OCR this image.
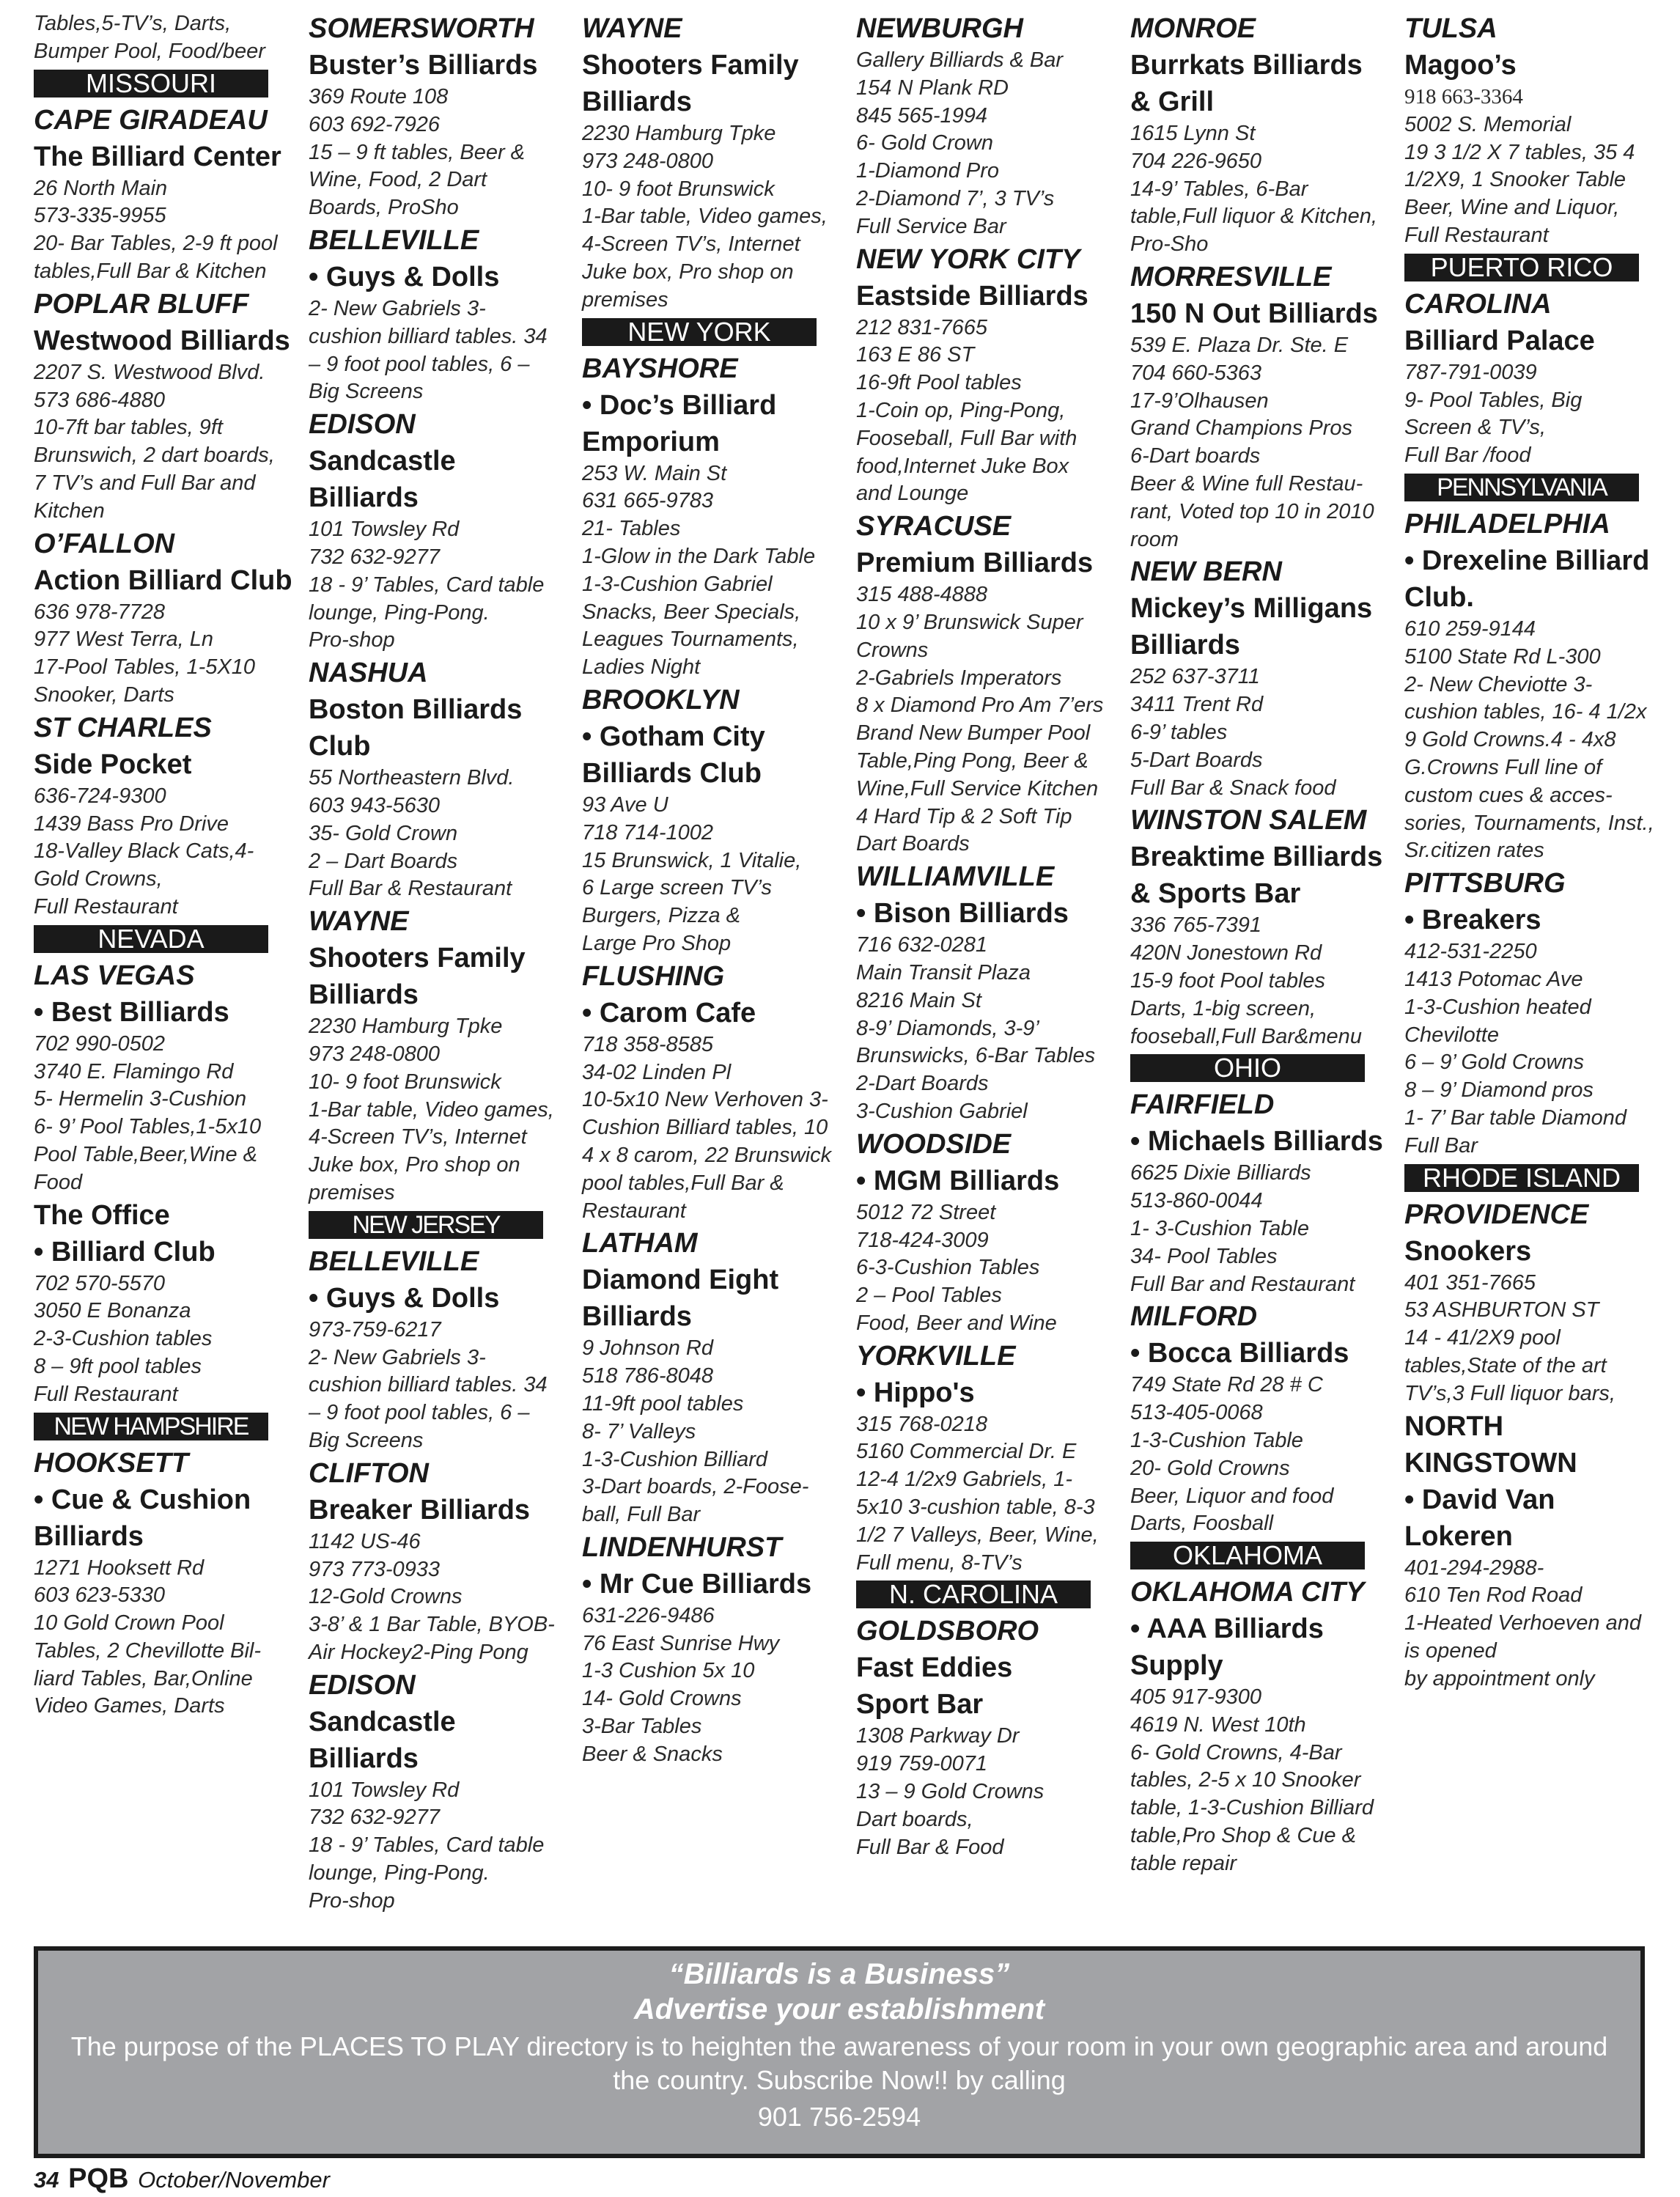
Tables,5-TV’s, Darts,
Bumper Pool, Food/beer
MISSOURI
CAPE GIRADEAU
The Billiard Center
26 North Main
573-335-9955
20- Bar Tables, 2-9 ft pool
tables,Full Bar & Kitchen
POPLAR BLUFF
Westwood Billiards
2207 S. Westwood Blvd.
573 686-4880
10-7ft bar tables, 9ft
Brunswich, 2 dart boards,
7 TV’s and Full Bar and
Kitchen
O’FALLON
Action Billiard Club
636 978-7728
977 West Terra, Ln
17-Pool Tables, 1-5X10
Snooker, Darts
ST CHARLES
Side Pocket
636-724-9300
1439 Bass Pro Drive
18-Valley Black Cats,4-
Gold Crowns,
Full Restaurant
NEVADA
LAS VEGAS
• Best Billiards
702 990-0502
3740 E. Flamingo Rd
5- Hermelin 3-Cushion
6- 9’ Pool Tables,1-5x10
Pool Table,Beer,Wine &
Food
The Office
• Billiard Club
702 570-5570
3050 E Bonanza
2-3-Cushion tables
8 – 9ft pool tables
Full Restaurant
NEW HAMPSHIRE
HOOKSETT
• Cue & Cushion
Billiards
1271 Hooksett Rd
603 623-5330
10 Gold Crown Pool
Tables, 2 Chevillotte Bil-
liard Tables, Bar,Online
Video Games, Darts
SOMERSWORTH
Buster’s Billiards
369 Route 108
603 692-7926
15 – 9 ft tables, Beer &
Wine, Food, 2 Dart
Boards, ProSho
BELLEVILLE
• Guys & Dolls
2- New Gabriels 3-
cushion billiard tables. 34
– 9 foot pool tables, 6 –
Big Screens
EDISON
Sandcastle
Billiards
101 Towsley Rd
732 632-9277
18 - 9’ Tables, Card table
lounge, Ping-Pong.
Pro-shop
NASHUA
Boston Billiards
Club
55 Northeastern Blvd.
603 943-5630
35- Gold Crown
2 – Dart Boards
Full Bar & Restaurant
WAYNE
Shooters Family
Billiards
2230 Hamburg Tpke
973 248-0800
10- 9 foot Brunswick
1-Bar table, Video games,
4-Screen TV’s, Internet
Juke box, Pro shop on
premises
NEW JERSEY
BELLEVILLE
• Guys & Dolls
973-759-6217
2- New Gabriels 3-
cushion billiard tables. 34
– 9 foot pool tables, 6 –
Big Screens
CLIFTON
Breaker Billiards
1142 US-46
973 773-0933
12-Gold Crowns
3-8’ & 1 Bar Table, BYOB-
Air Hockey2-Ping Pong
EDISON
Sandcastle
Billiards
101 Towsley Rd
732 632-9277
18 - 9’ Tables, Card table
lounge, Ping-Pong.
Pro-shop
WAYNE
Shooters Family
Billiards
2230 Hamburg Tpke
973 248-0800
10- 9 foot Brunswick
1-Bar table, Video games,
4-Screen TV’s, Internet
Juke box, Pro shop on
premises
NEW YORK
BAYSHORE
• Doc’s Billiard
Emporium
253 W. Main St
631 665-9783
21- Tables
1-Glow in the Dark Table
1-3-Cushion Gabriel
Snacks, Beer Specials,
Leagues Tournaments,
Ladies Night
BROOKLYN
• Gotham City
Billiards Club
93 Ave U
718 714-1002
15 Brunswick, 1 Vitalie,
6 Large screen TV’s
Burgers, Pizza &
Large Pro Shop
FLUSHING
• Carom Cafe
718 358-8585
34-02 Linden Pl
10-5x10 New Verhoven 3-
Cushion Billiard tables, 10
4 x 8 carom, 22 Brunswick
pool tables,Full Bar &
Restaurant
LATHAM
Diamond Eight
Billiards
9 Johnson Rd
518 786-8048
11-9ft pool tables
8- 7’ Valleys
1-3-Cushion Billiard
3-Dart boards, 2-Foose-
ball, Full Bar
LINDENHURST
• Mr Cue Billiards
631-226-9486
76 East Sunrise Hwy
1-3 Cushion 5x 10
14- Gold Crowns
3-Bar Tables
Beer & Snacks
NEWBURGH
Gallery Billiards & Bar
154 N Plank RD
845 565-1994
6- Gold Crown
1-Diamond Pro
2-Diamond 7’, 3 TV’s
Full Service Bar
NEW YORK CITY
Eastside Billiards
212 831-7665
163 E 86 ST
16-9ft Pool tables
1-Coin op, Ping-Pong,
Fooseball, Full Bar with
food,Internet Juke Box
and Lounge
SYRACUSE
Premium Billiards
315 488-4888
10 x 9’ Brunswick Super
Crowns
2-Gabriels Imperators
8 x Diamond Pro Am 7’ers
Brand New Bumper Pool
Table,Ping Pong, Beer &
Wine,Full Service Kitchen
4 Hard Tip & 2 Soft Tip
Dart Boards
WILLIAMVILLE
• Bison Billiards
716 632-0281
Main Transit Plaza
8216 Main St
8-9’ Diamonds, 3-9’
Brunswicks, 6-Bar Tables
2-Dart Boards
3-Cushion Gabriel
WOODSIDE
• MGM Billiards
5012 72 Street
718-424-3009
6-3-Cushion Tables
2 – Pool Tables
Food, Beer and Wine
YORKVILLE
• Hippo's
315 768-0218
5160 Commercial Dr. E
12-4 1/2x9 Gabriels, 1-
5x10 3-cushion table, 8-3
1/2 7 Valleys, Beer, Wine,
Full menu, 8-TV’s
N. CAROLINA
GOLDSBORO
Fast Eddies
Sport Bar
1308 Parkway Dr
919 759-0071
13 – 9 Gold Crowns
Dart boards,
Full Bar & Food
MONROE
Burrkats Billiards
& Grill
1615 Lynn St
704 226-9650
14-9’ Tables, 6-Bar
table,Full liquor & Kitchen,
Pro-Sho
MORRESVILLE
150 N Out Billiards
539 E. Plaza Dr. Ste. E
704 660-5363
17-9’Olhausen
Grand Champions Pros
6-Dart boards
Beer & Wine full Restau-
rant, Voted top 10 in 2010
room
NEW BERN
Mickey’s Milligans
Billiards
252 637-3711
3411 Trent Rd
6-9’ tables
5-Dart Boards
Full Bar & Snack food
WINSTON SALEM
Breaktime Billiards
& Sports Bar
336 765-7391
420N Jonestown Rd
15-9 foot Pool tables
Darts, 1-big screen,
fooseball,Full Bar&menu
OHIO
FAIRFIELD
• Michaels Billiards
6625 Dixie Billiards
513-860-0044
1- 3-Cushion Table
34- Pool Tables
Full Bar and Restaurant
MILFORD
• Bocca Billiards
749 State Rd 28 # C
513-405-0068
1-3-Cushion Table
20- Gold Crowns
Beer, Liquor and food
Darts, Foosball
OKLAHOMA
OKLAHOMA CITY
• AAA Billiards
Supply
405 917-9300
4619 N. West 10th
6- Gold Crowns, 4-Bar
tables, 2-5 x 10 Snooker
table, 1-3-Cushion Billiard
table,Pro Shop & Cue &
table repair
TULSA
Magoo’s
918 663-3364
5002 S. Memorial
19 3 1/2 X 7 tables, 35 4
1/2X9, 1 Snooker Table
Beer, Wine and Liquor,
Full Restaurant
PUERTO RICO
CAROLINA
Billiard Palace
787-791-0039
9- Pool Tables, Big
Screen & TV’s,
Full Bar /food
PENNSYLVANIA
PHILADELPHIA
• Drexeline Billiard
Club.
610 259-9144
5100 State Rd L-300
2- New Cheviotte 3-
cushion tables, 16- 4 1/2x
9 Gold Crowns.4 - 4x8
G.Crowns Full line of
custom cues & acces-
sories, Tournaments, Inst.,
Sr.citizen rates
PITTSBURG
• Breakers
412-531-2250
1413 Potomac Ave
1-3-Cushion heated
Chevilotte
6 – 9’ Gold Crowns
8 – 9’ Diamond pros
1- 7’ Bar table Diamond
Full Bar
RHODE ISLAND
PROVIDENCE
Snookers
401 351-7665
53 ASHBURTON ST
14 - 41/2X9 pool
tables,State of the art
TV’s,3 Full liquor bars,
NORTH
KINGSTOWN
• David Van
Lokeren
401-294-2988-
610 Ten Rod Road
1-Heated Verhoeven and
is opened
by appointment only
“Billiards is a Business”
Advertise your establishment
The purpose of the PLACES TO PLAY directory is to heighten the awareness of your room in your own geographic area and around the country. Subscribe Now!! by calling
901 756-2594
34 PQB October/November
